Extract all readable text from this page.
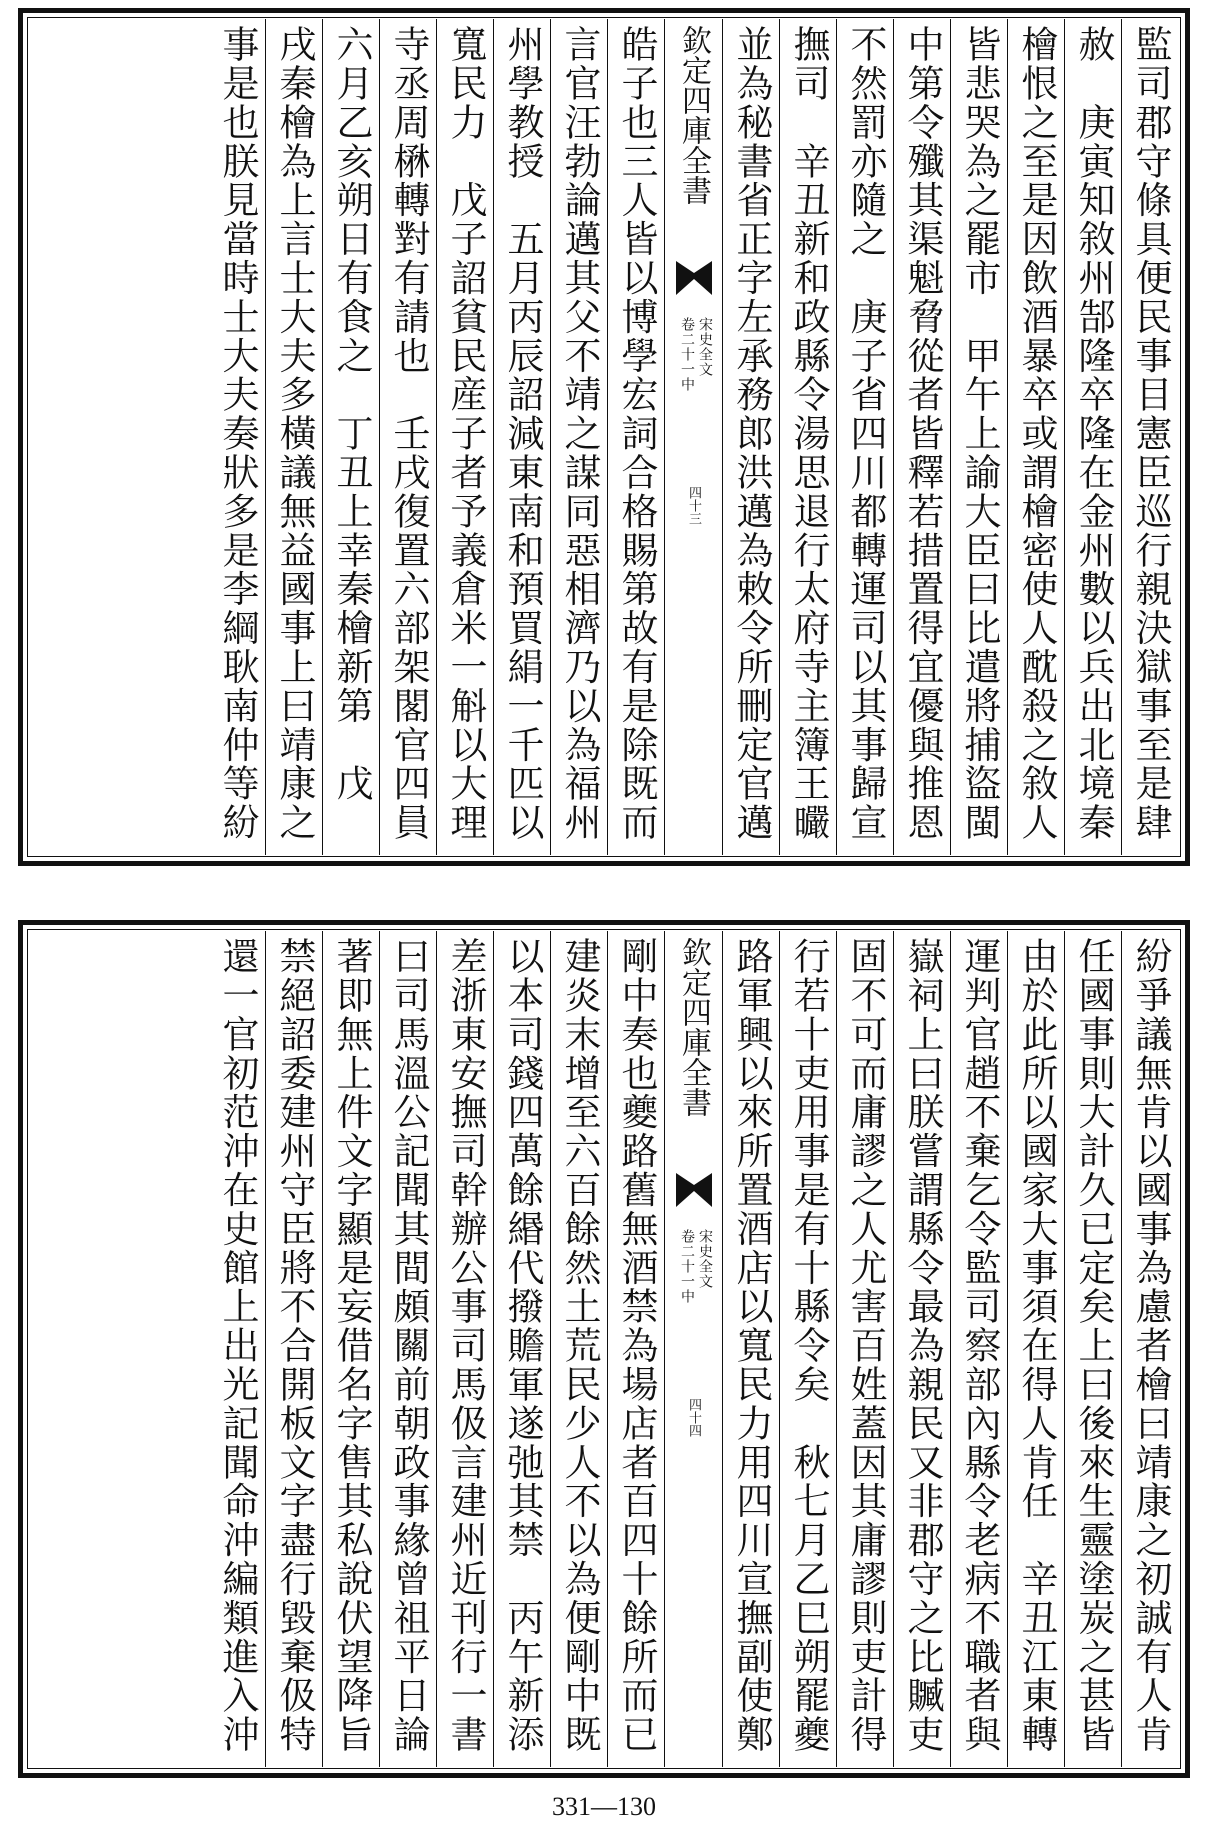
監司郡守條具便民事目憲臣巡行親決獄事至是肆
赦　庚寅知敘州郜隆卒隆在金州數以兵出北境秦
檜恨之至是因飲酒暴卒或謂檜密使人酖殺之敘人
皆悲哭為之罷市　甲午上諭大臣曰比遣將捕盜閩
中第令殲其渠魁脅從者皆釋若措置得宜優與推恩
不然罰亦隨之　庚子省四川都轉運司以其事歸宣
撫司　辛丑新和政縣令湯思退行太府寺主簿王曮
並為秘書省正字左承務郎洪邁為敕令所刪定官邁
欽定四庫全書
宋史全文
卷二十一中
四十三
皓子也三人皆以博學宏詞合格賜第故有是除既而
言官汪勃論邁其父不靖之謀同惡相濟乃以為福州
州學教授　五月丙辰詔減東南和預買絹一千匹以
寬民力　戊子詔貧民産子者予義倉米一斛以大理
寺丞周楙轉對有請也　壬戌復置六部架閣官四員
六月乙亥朔日有食之　丁丑上幸秦檜新第　戊
戌秦檜為上言士大夫多橫議無益國事上曰靖康之
事是也朕見當時士大夫奏狀多是李綱耿南仲等紛
紛爭議無肯以國事為慮者檜曰靖康之初誠有人肯
任國事則大計久已定矣上曰後來生靈塗炭之甚皆
由於此所以國家大事須在得人肯任　辛丑江東轉
運判官趙不棄乞令監司察部內縣令老病不職者與
嶽祠上曰朕嘗謂縣令最為親民又非郡守之比贓吏
固不可而庸謬之人尤害百姓蓋因其庸謬則吏計得
行若十吏用事是有十縣令矣　秋七月乙巳朔罷夔
路軍興以來所置酒店以寬民力用四川宣撫副使鄭
欽定四庫全書
宋史全文
卷二十一中
四十四
剛中奏也夔路舊無酒禁為場店者百四十餘所而已
建炎末增至六百餘然土荒民少人不以為便剛中既
以本司錢四萬餘緡代撥贍軍遂弛其禁　丙午新添
差浙東安撫司幹辦公事司馬伋言建州近刊行一書
曰司馬溫公記聞其間頗關前朝政事緣曾祖平日論
著即無上件文字顯是妄借名字售其私說伏望降旨
禁絕詔委建州守臣將不合開板文字盡行毀棄伋特
還一官初范沖在史館上出光記聞命沖編類進入沖
331—130
